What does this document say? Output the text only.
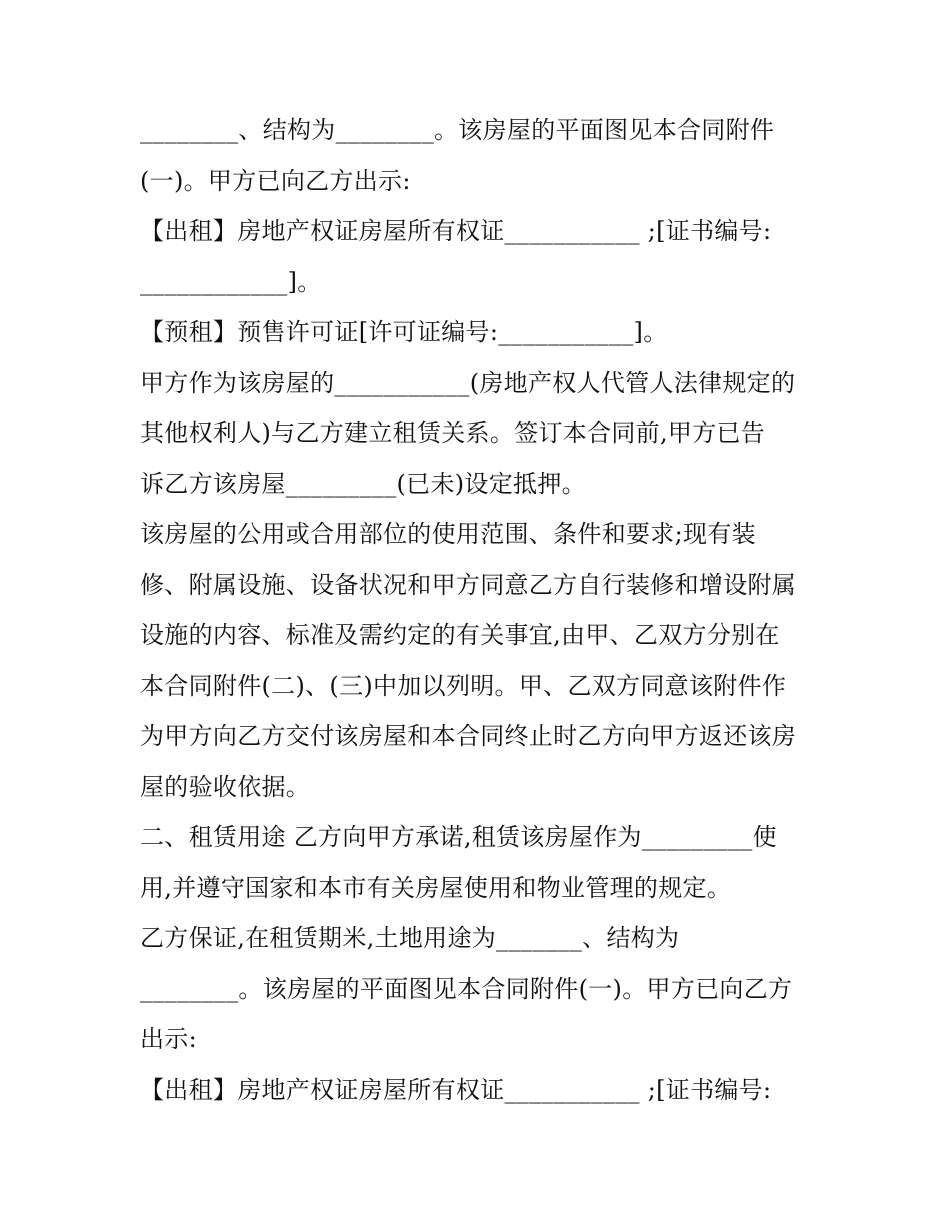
________、结构为________。该房屋的平面图见本合同附件
(一)。甲方已向乙方出示:
【出租】房地产权证房屋所有权证___________ ;[证书编号:
____________]。
【预租】预售许可证[许可证编号:___________]。
甲方作为该房屋的___________(房地产权人代管人法律规定的
其他权利人)与乙方建立租赁关系。签订本合同前,甲方已告
诉乙方该房屋_________(已未)设定抵押。
该房屋的公用或合用部位的使用范围、条件和要求;现有装
修、附属设施、设备状况和甲方同意乙方自行装修和增设附属
设施的内容、标准及需约定的有关事宜,由甲、乙双方分别在
本合同附件(二)、(三)中加以列明。甲、乙双方同意该附件作
为甲方向乙方交付该房屋和本合同终止时乙方向甲方返还该房
屋的验收依据。
二、租赁用途 乙方向甲方承诺,租赁该房屋作为_________使
用,并遵守国家和本市有关房屋使用和物业管理的规定。
乙方保证,在租赁期米,土地用途为_______、结构为
________。该房屋的平面图见本合同附件(一)。甲方已向乙方
出示:
【出租】房地产权证房屋所有权证___________ ;[证书编号:
